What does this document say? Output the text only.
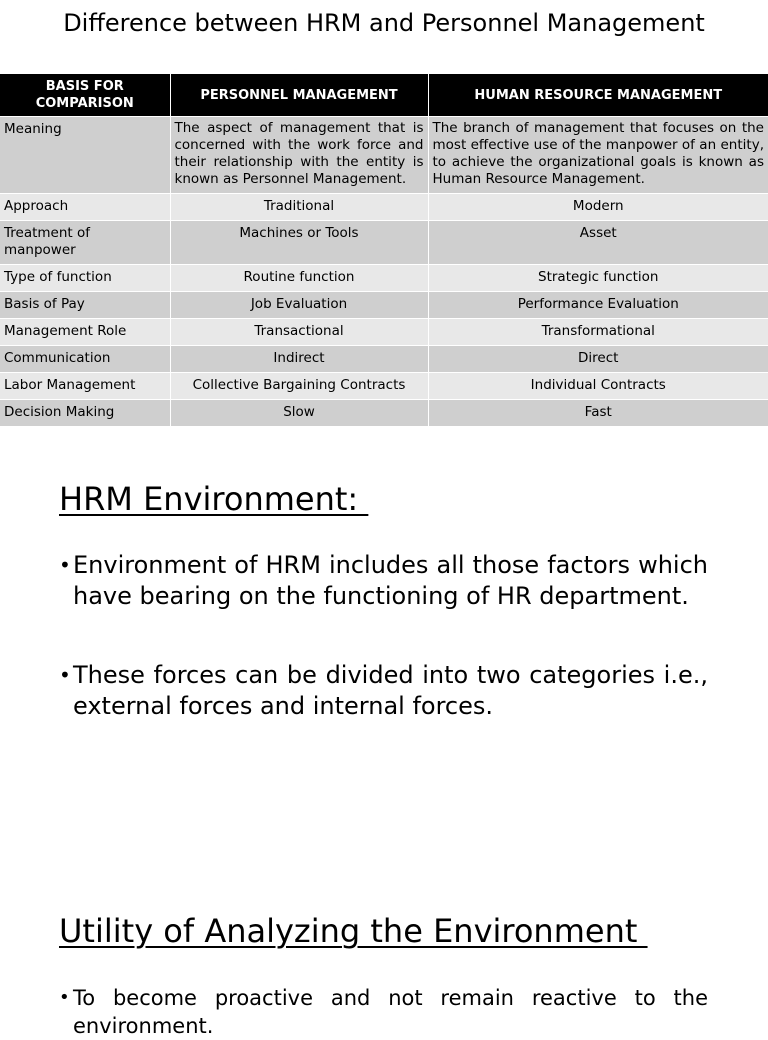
Difference between HRM and Personnel Management
BASIS FOR COMPARISON	PERSONNEL MANAGEMENT	HUMAN RESOURCE MANAGEMENT
Meaning	The aspect of management that is concerned with the work force and their relationship with the entity is known as Personnel Management.	The branch of management that focuses on the most effective use of the manpower of an entity, to achieve the organizational goals is known as Human Resource Management.
Approach	Traditional	Modern
Treatment of manpower	Machines or Tools	Asset
Type of function	Routine function	Strategic function
Basis of Pay	Job Evaluation	Performance Evaluation
Management Role	Transactional	Transformational
Communication	Indirect	Direct
Labor Management	Collective Bargaining Contracts	Individual Contracts
Decision Making	Slow	Fast
HRM Environment:
• Environment of HRM includes all those factors which have bearing on the functioning of HR department.
• These forces can be divided into two categories i.e., external forces and internal forces.
Utility of Analyzing the Environment
• To become proactive and not remain reactive to the environment.
